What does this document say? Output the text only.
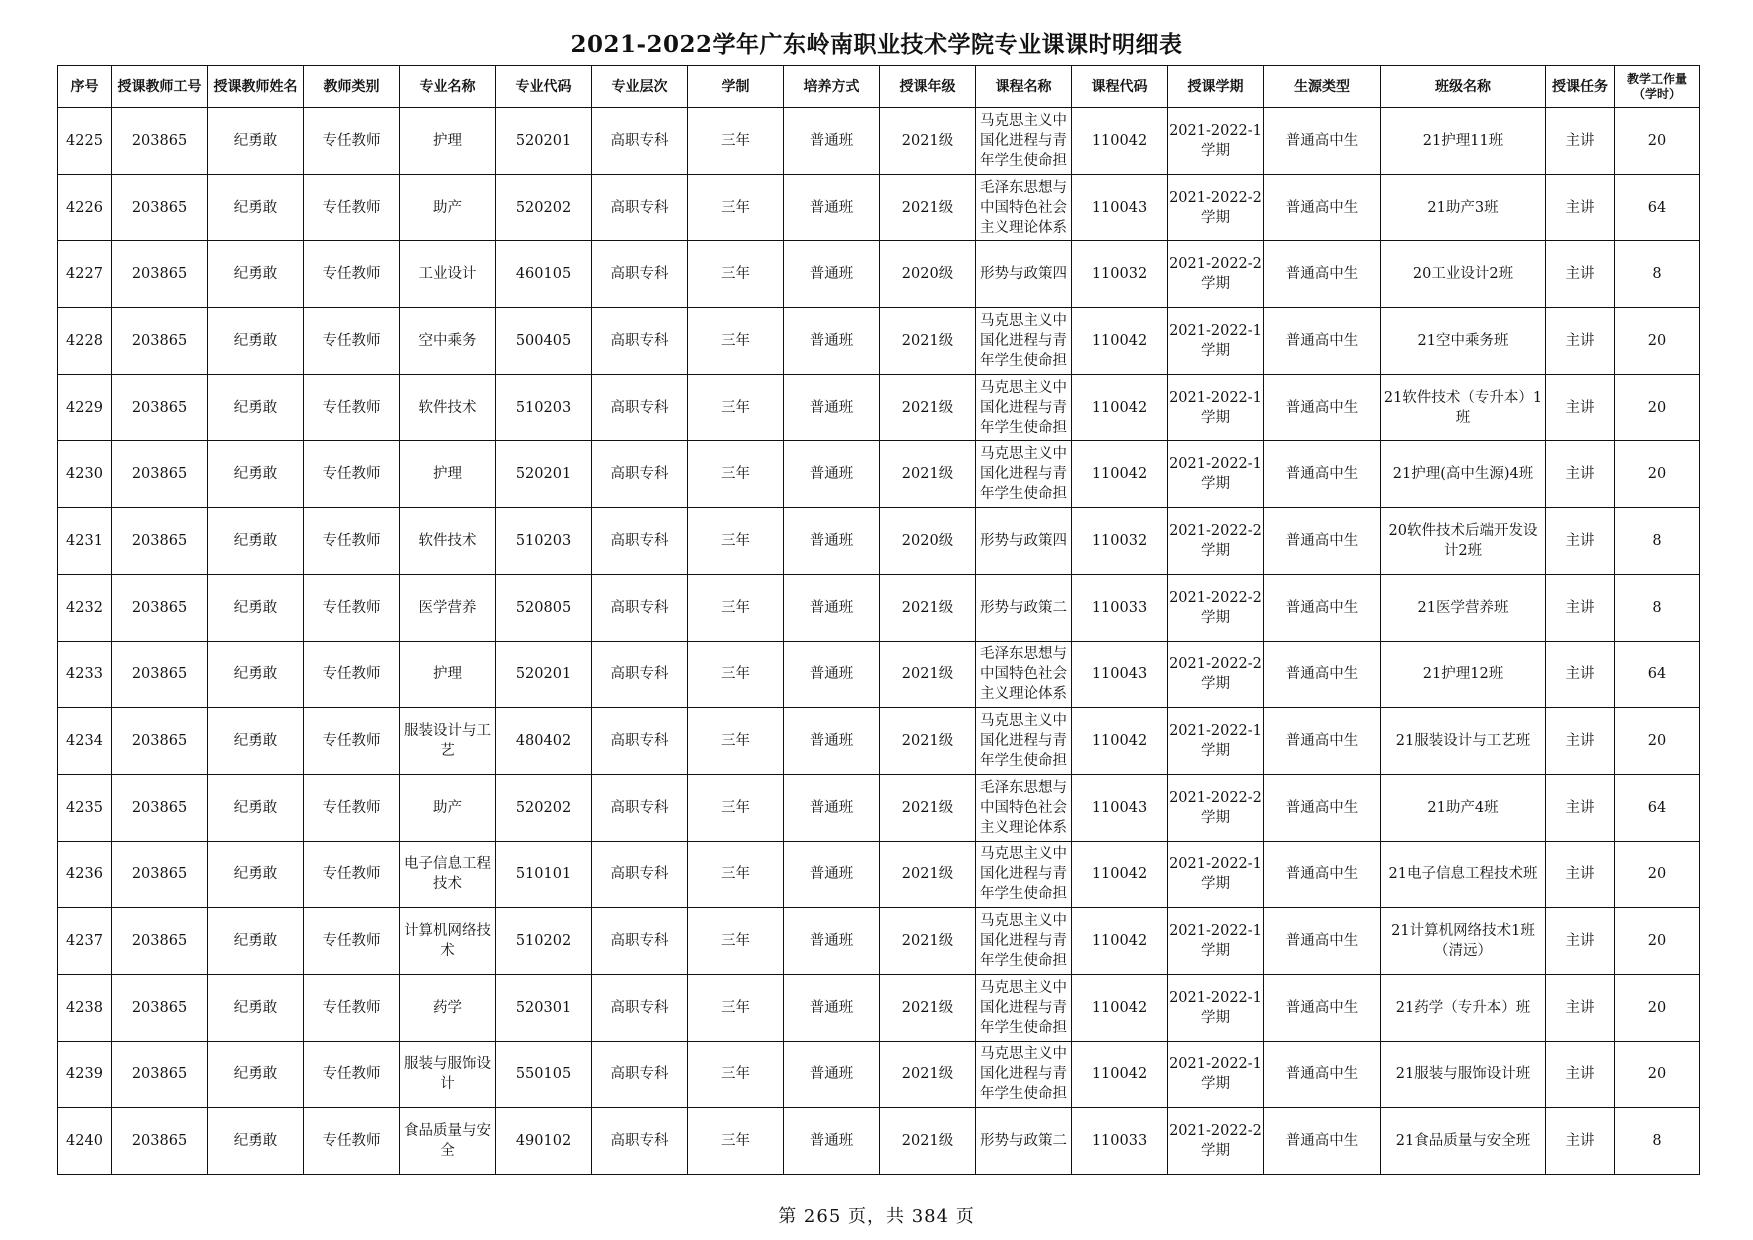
2021-2022学年广东岭南职业技术学院专业课课时明细表
序号	授课教师工号	授课教师姓名	教师类别	专业名称	专业代码	专业层次	学制	培养方式	授课年级	课程名称	课程代码	授课学期	生源类型	班级名称	授课任务	教学工作量（学时）

4225	203865	纪勇敢	专任教师	护理	520201	高职专科	三年	普通班	2021级	马克思主义中国化进程与青年学生使命担	110042	2021-2022-1学期	普通高中生	21护理11班	主讲	20

4226	203865	纪勇敢	专任教师	助产	520202	高职专科	三年	普通班	2021级	毛泽东思想与中国特色社会主义理论体系	110043	2021-2022-2学期	普通高中生	21助产3班	主讲	64

4227	203865	纪勇敢	专任教师	工业设计	460105	高职专科	三年	普通班	2020级	形势与政策四	110032	2021-2022-2学期	普通高中生	20工业设计2班	主讲	8

4228	203865	纪勇敢	专任教师	空中乘务	500405	高职专科	三年	普通班	2021级	马克思主义中国化进程与青年学生使命担	110042	2021-2022-1学期	普通高中生	21空中乘务班	主讲	20

4229	203865	纪勇敢	专任教师	软件技术	510203	高职专科	三年	普通班	2021级	马克思主义中国化进程与青年学生使命担	110042	2021-2022-1学期	普通高中生	21软件技术（专升本）1班	主讲	20

4230	203865	纪勇敢	专任教师	护理	520201	高职专科	三年	普通班	2021级	马克思主义中国化进程与青年学生使命担	110042	2021-2022-1学期	普通高中生	21护理(高中生源)4班	主讲	20

4231	203865	纪勇敢	专任教师	软件技术	510203	高职专科	三年	普通班	2020级	形势与政策四	110032	2021-2022-2学期	普通高中生	20软件技术后端开发设计2班	主讲	8

4232	203865	纪勇敢	专任教师	医学营养	520805	高职专科	三年	普通班	2021级	形势与政策二	110033	2021-2022-2学期	普通高中生	21医学营养班	主讲	8

4233	203865	纪勇敢	专任教师	护理	520201	高职专科	三年	普通班	2021级	毛泽东思想与中国特色社会主义理论体系	110043	2021-2022-2学期	普通高中生	21护理12班	主讲	64

4234	203865	纪勇敢	专任教师	服装设计与工艺	480402	高职专科	三年	普通班	2021级	马克思主义中国化进程与青年学生使命担	110042	2021-2022-1学期	普通高中生	21服装设计与工艺班	主讲	20

4235	203865	纪勇敢	专任教师	助产	520202	高职专科	三年	普通班	2021级	毛泽东思想与中国特色社会主义理论体系	110043	2021-2022-2学期	普通高中生	21助产4班	主讲	64

4236	203865	纪勇敢	专任教师	电子信息工程技术	510101	高职专科	三年	普通班	2021级	马克思主义中国化进程与青年学生使命担	110042	2021-2022-1学期	普通高中生	21电子信息工程技术班	主讲	20

4237	203865	纪勇敢	专任教师	计算机网络技术	510202	高职专科	三年	普通班	2021级	马克思主义中国化进程与青年学生使命担	110042	2021-2022-1学期	普通高中生	21计算机网络技术1班（清远）	主讲	20

4238	203865	纪勇敢	专任教师	药学	520301	高职专科	三年	普通班	2021级	马克思主义中国化进程与青年学生使命担	110042	2021-2022-1学期	普通高中生	21药学（专升本）班	主讲	20

4239	203865	纪勇敢	专任教师	服装与服饰设计	550105	高职专科	三年	普通班	2021级	马克思主义中国化进程与青年学生使命担	110042	2021-2022-1学期	普通高中生	21服装与服饰设计班	主讲	20

4240	203865	纪勇敢	专任教师	食品质量与安全	490102	高职专科	三年	普通班	2021级	形势与政策二	110033	2021-2022-2学期	普通高中生	21食品质量与安全班	主讲	8
第 265 页，共 384 页
